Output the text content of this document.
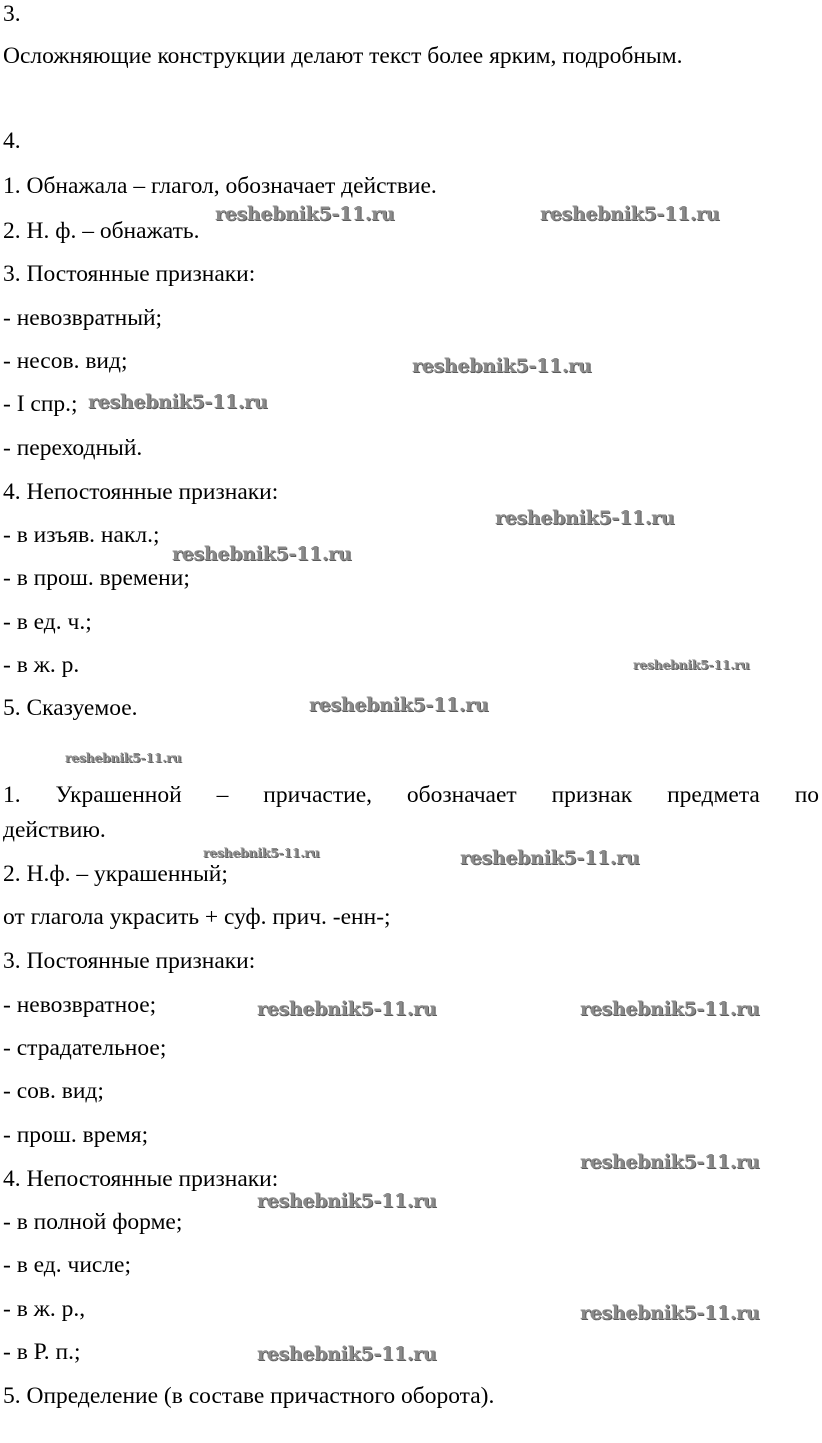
3.
Осложняющие конструкции делают текст более ярким, подробным.
4.
1. Обнажала – глагол, обозначает действие.
2. Н. ф. – обнажать.
3. Постоянные признаки:
- невозвратный;
- несов. вид;
- I спр.;
- переходный.
4. Непостоянные признаки:
- в изъяв. накл.;
- в прош. времени;
- в ед. ч.;
- в ж. р.
5. Сказуемое.
1. Украшенной – причастие, обозначает признак предмета по
действию.
2. Н.ф. – украшенный;
от глагола украсить + суф. прич. -енн-;
3. Постоянные признаки:
- невозвратное;
- страдательное;
- сов. вид;
- прош. время;
4. Непостоянные признаки:
- в полной форме;
- в ед. числе;
- в ж. р.,
- в Р. п.;
5. Определение (в составе причастного оборота).
reshebnik5-11.ru	reshebnik5-11.ru
reshebnik5-11.ru
reshebnik5-11.ru
reshebnik5-11.ru
reshebnik5-11.ru
reshebnik5-11.ru
reshebnik5-11.ru
reshebnik5-11.ru
reshebnik5-11.ru	reshebnik5-11.ru
reshebnik5-11.ru	reshebnik5-11.ru
reshebnik5-11.ru
reshebnik5-11.ru
reshebnik5-11.ru
reshebnik5-11.ru
